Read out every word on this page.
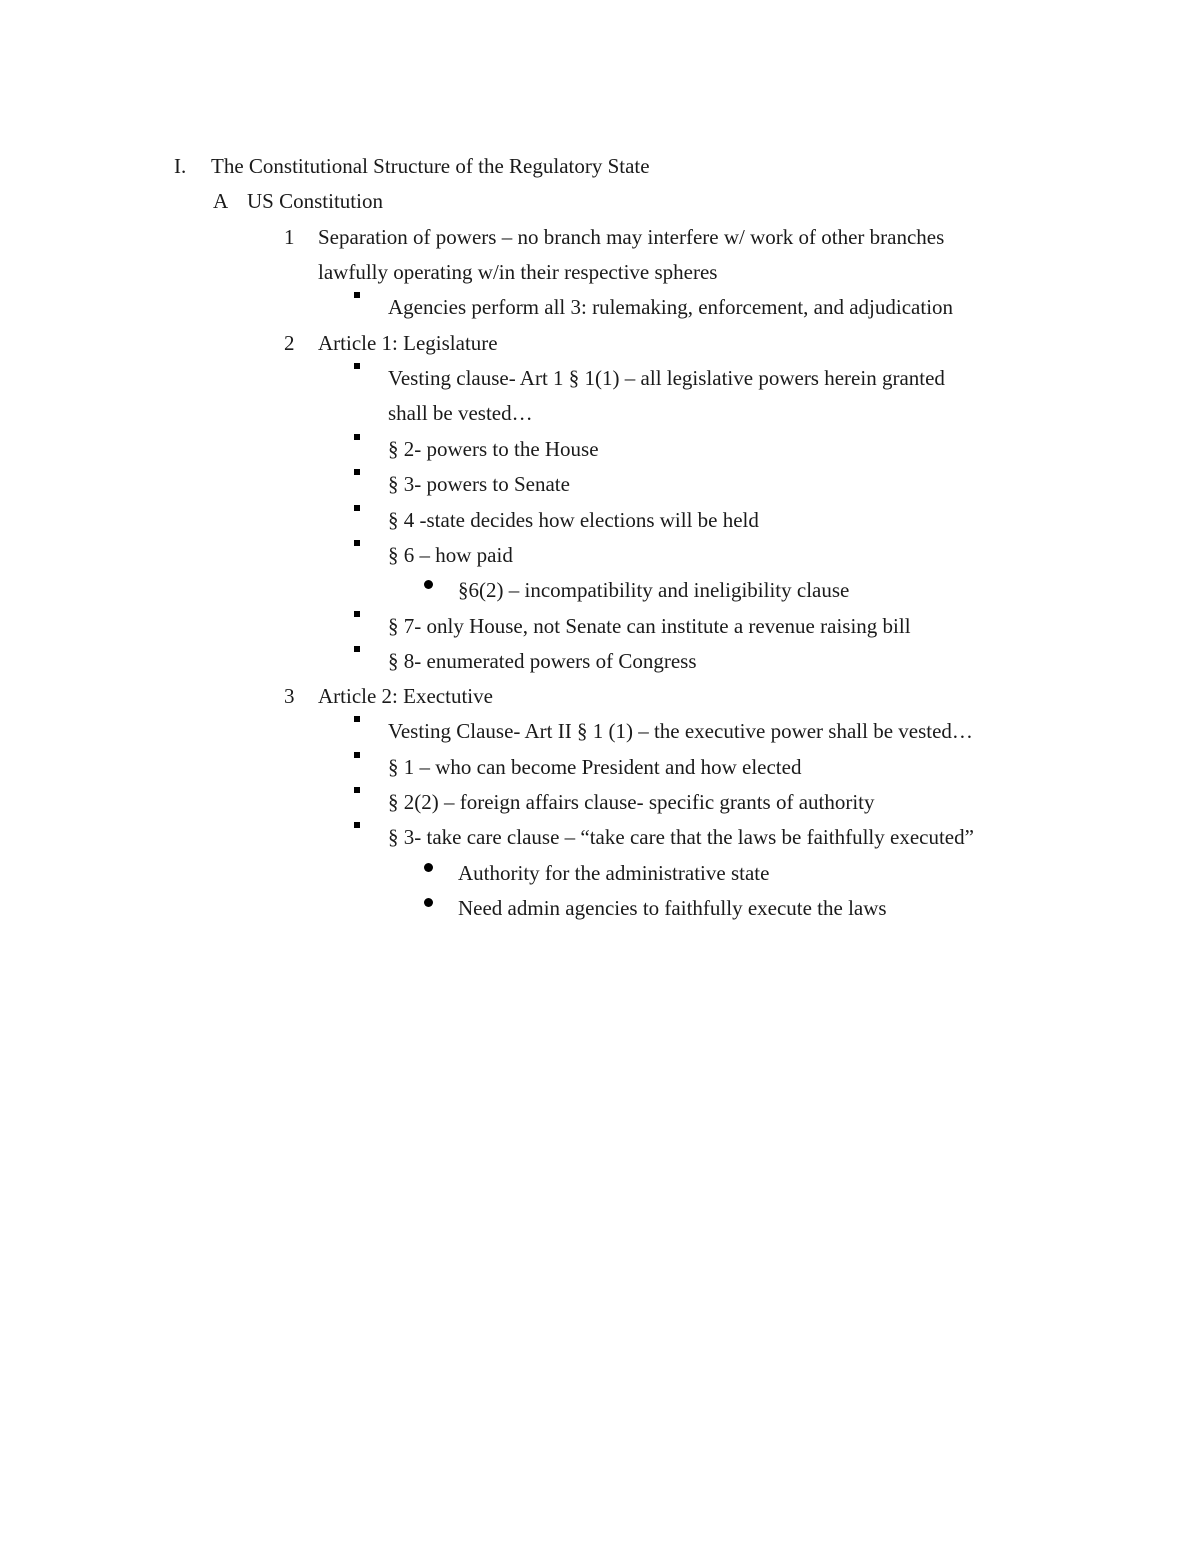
I. The Constitutional Structure of the Regulatory State
A US Constitution
1 Separation of powers – no branch may interfere w/ work of other branches
lawfully operating w/in their respective spheres
Agencies perform all 3: rulemaking, enforcement, and adjudication
2 Article 1: Legislature
Vesting clause- Art 1 § 1(1) – all legislative powers herein granted
shall be vested…
§ 2- powers to the House
§ 3- powers to Senate
§ 4 -state decides how elections will be held
§ 6 – how paid
§6(2) – incompatibility and ineligibility clause
§ 7- only House, not Senate can institute a revenue raising bill
§ 8- enumerated powers of Congress
3 Article 2: Exectutive
Vesting Clause- Art II § 1 (1) – the executive power shall be vested…
§ 1 – who can become President and how elected
§ 2(2) – foreign affairs clause- specific grants of authority
§ 3- take care clause – “take care that the laws be faithfully executed”
Authority for the administrative state
Need admin agencies to faithfully execute the laws
